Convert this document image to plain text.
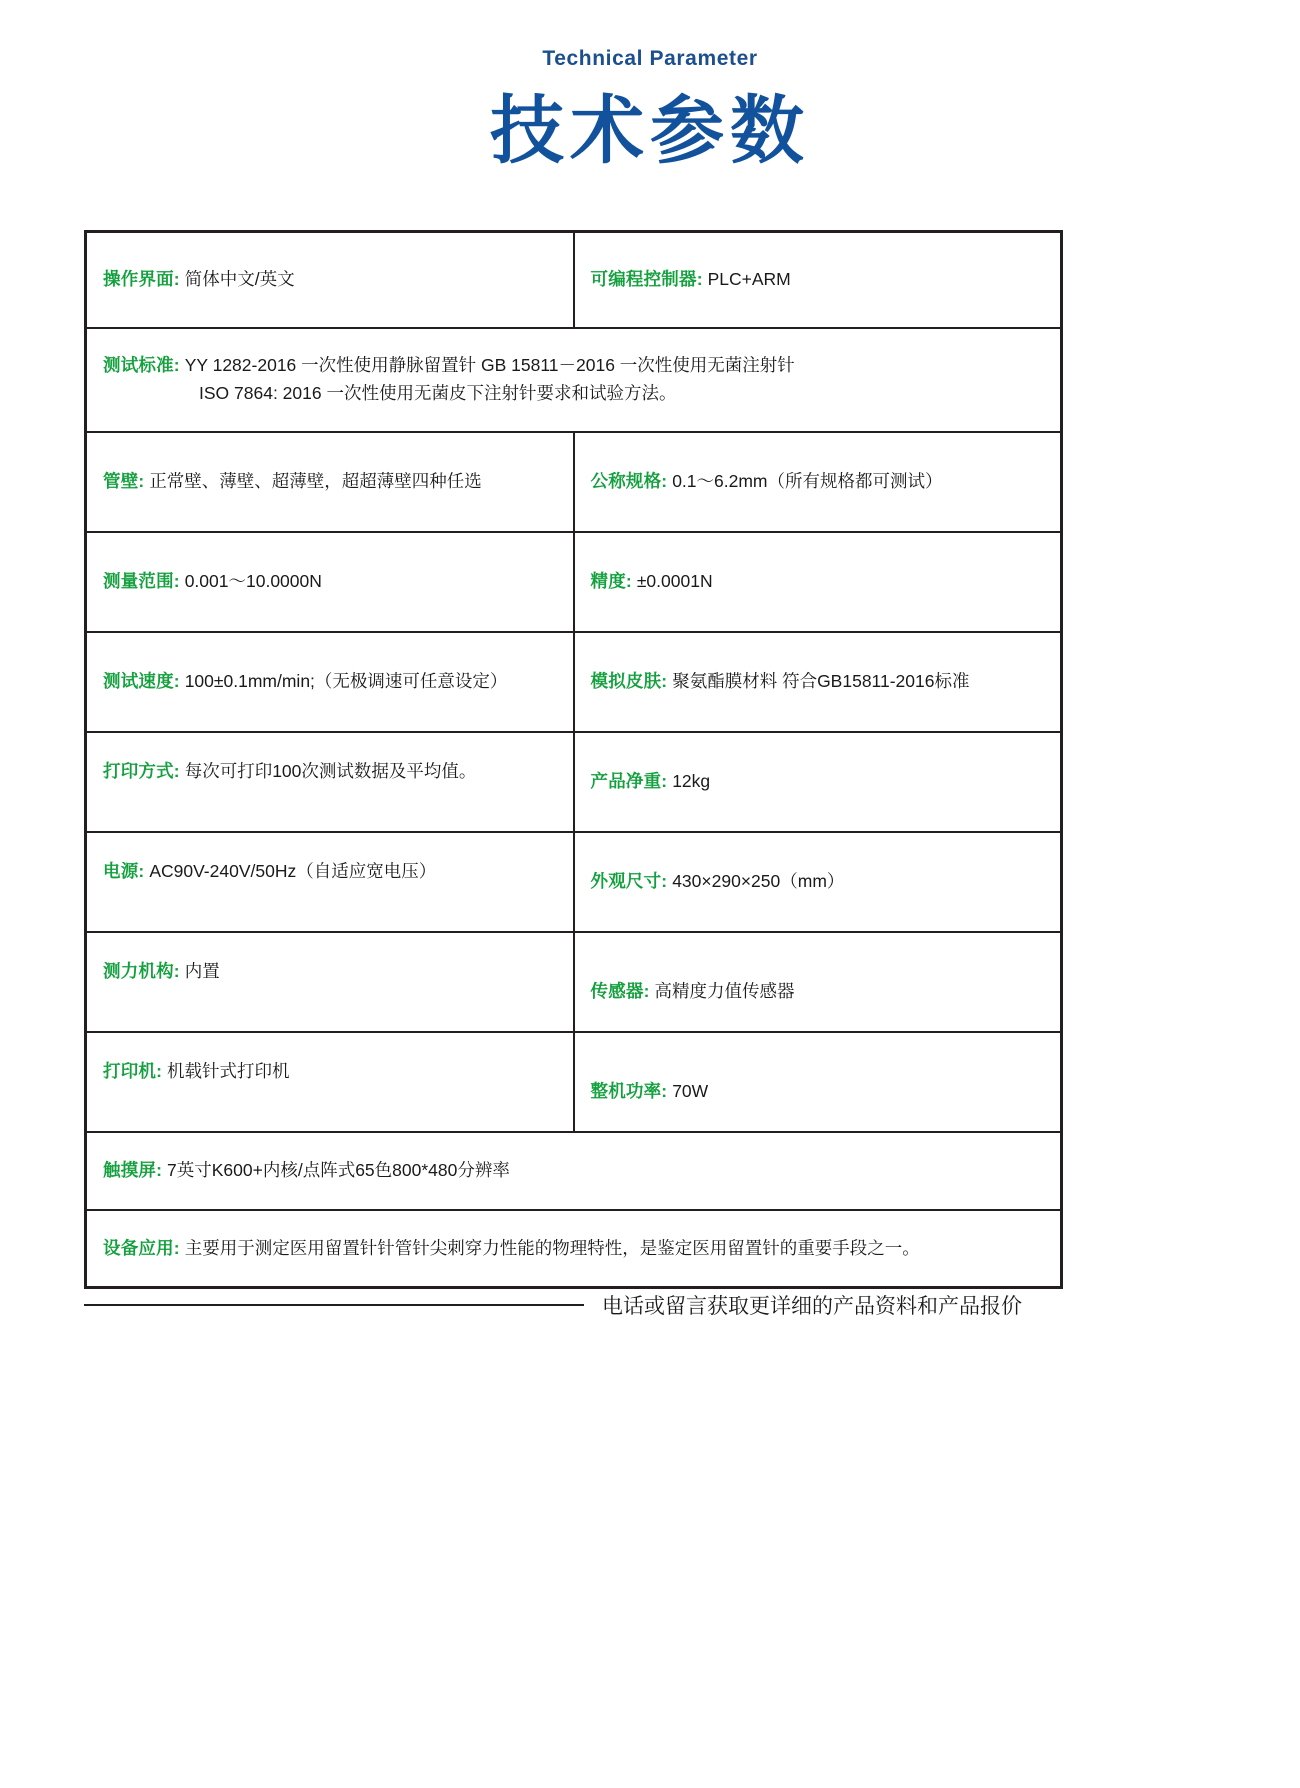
Technical Parameter
技术参数
操作界面: 简体中文/英文	可编程控制器: PLC+ARM

测试标准: YY 1282-2016 一次性使用静脉留置针 GB 15811－2016 一次性使用无菌注射针
ISO 7864: 2016 一次性使用无菌皮下注射针要求和试验方法。	

管壁: 正常壁、薄壁、超薄壁，超超薄壁四种任选	公称规格: 0.1～6.2mm（所有规格都可测试）

测量范围: 0.001～10.0000N	精度: ±0.0001N

测试速度: 100±0.1mm/min;（无极调速可任意设定）	模拟皮肤: 聚氨酯膜材料 符合GB15811-2016标准

打印方式: 每次可打印100次测试数据及平均值。	产品净重: 12kg

电源: AC90V-240V/50Hz（自适应宽电压）	外观尺寸: 430×290×250（mm）

测力机构: 内置	传感器: 高精度力值传感器

打印机: 机载针式打印机	整机功率: 70W

触摸屏: 7英寸K600+内核/点阵式65色800*480分辨率	

设备应用: 主要用于测定医用留置针针管针尖刺穿力性能的物理特性，是鉴定医用留置针的重要手段之一。	
电话或留言获取更详细的产品资料和产品报价
